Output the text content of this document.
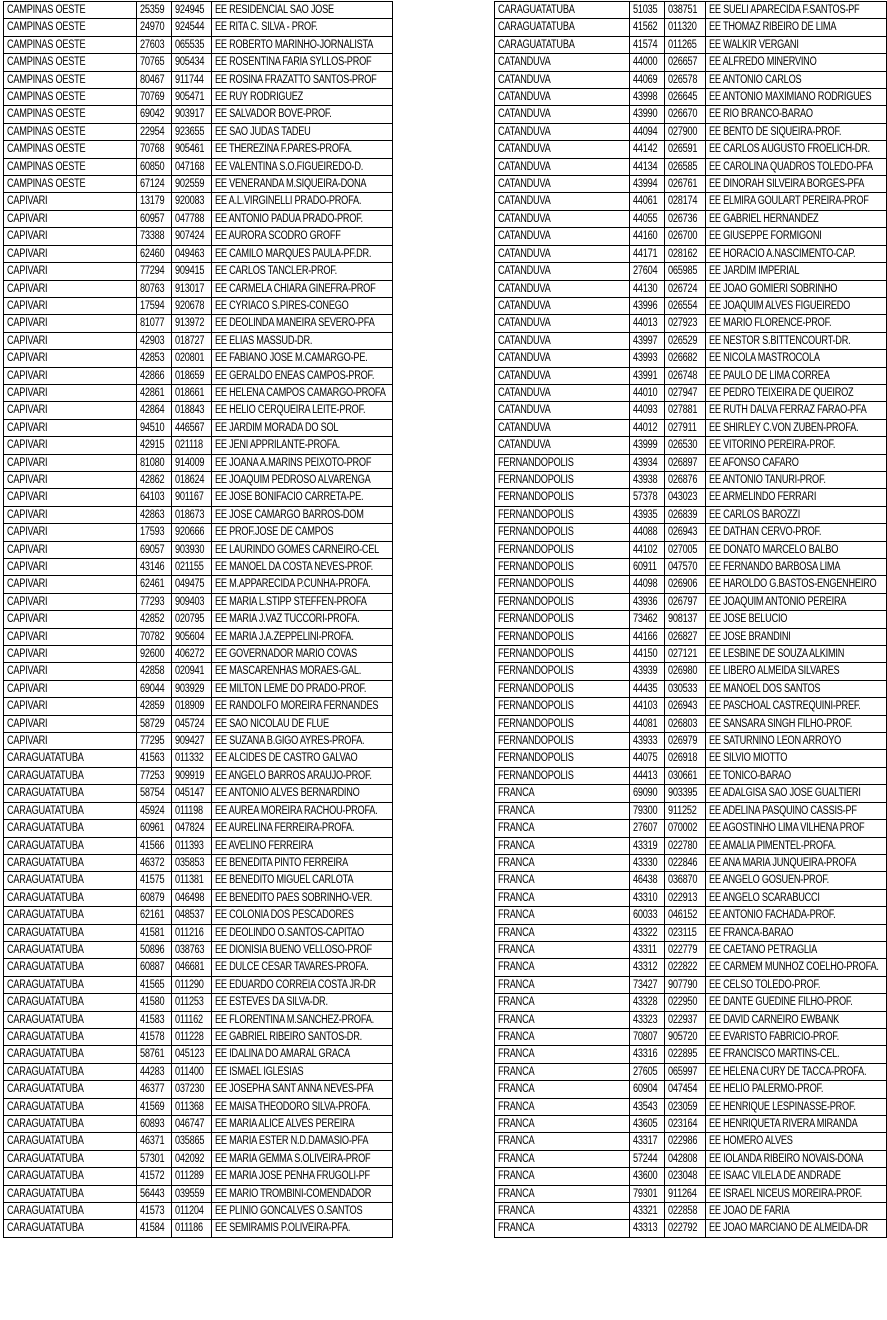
CAMPINAS OESTE	25359	924945	EE RESIDENCIAL SAO JOSE
CAMPINAS OESTE	24970	924544	EE RITA C. SILVA - PROF.
CAMPINAS OESTE	27603	065535	EE ROBERTO MARINHO-JORNALISTA
CAMPINAS OESTE	70765	905434	EE ROSENTINA FARIA SYLLOS-PROF
CAMPINAS OESTE	80467	911744	EE ROSINA FRAZATTO SANTOS-PROF
CAMPINAS OESTE	70769	905471	EE RUY RODRIGUEZ
CAMPINAS OESTE	69042	903917	EE SALVADOR BOVE-PROF.
CAMPINAS OESTE	22954	923655	EE SAO JUDAS TADEU
CAMPINAS OESTE	70768	905461	EE THEREZINA F.PARES-PROFA.
CAMPINAS OESTE	60850	047168	EE VALENTINA S.O.FIGUEIREDO-D.
CAMPINAS OESTE	67124	902559	EE VENERANDA M.SIQUEIRA-DONA
CAPIVARI	13179	920083	EE A.L.VIRGINELLI PRADO-PROFA.
CAPIVARI	60957	047788	EE ANTONIO PADUA PRADO-PROF.
CAPIVARI	73388	907424	EE AURORA SCODRO GROFF
CAPIVARI	62460	049463	EE CAMILO MARQUES PAULA-PF.DR.
CAPIVARI	77294	909415	EE CARLOS TANCLER-PROF.
CAPIVARI	80763	913017	EE CARMELA CHIARA GINEFRA-PROF
CAPIVARI	17594	920678	EE CYRIACO S.PIRES-CONEGO
CAPIVARI	81077	913972	EE DEOLINDA MANEIRA SEVERO-PFA
CAPIVARI	42903	018727	EE ELIAS MASSUD-DR.
CAPIVARI	42853	020801	EE FABIANO JOSE M.CAMARGO-PE.
CAPIVARI	42866	018659	EE GERALDO ENEAS CAMPOS-PROF.
CAPIVARI	42861	018661	EE HELENA CAMPOS CAMARGO-PROFA
CAPIVARI	42864	018843	EE HELIO CERQUEIRA LEITE-PROF.
CAPIVARI	94510	446567	EE JARDIM MORADA DO SOL
CAPIVARI	42915	021118	EE JENI APPRILANTE-PROFA.
CAPIVARI	81080	914009	EE JOANA A.MARINS PEIXOTO-PROF
CAPIVARI	42862	018624	EE JOAQUIM PEDROSO ALVARENGA
CAPIVARI	64103	901167	EE JOSE BONIFACIO CARRETA-PE.
CAPIVARI	42863	018673	EE JOSE CAMARGO BARROS-DOM
CAPIVARI	17593	920666	EE PROF.JOSE DE CAMPOS
CAPIVARI	69057	903930	EE LAURINDO GOMES CARNEIRO-CEL
CAPIVARI	43146	021155	EE MANOEL DA COSTA NEVES-PROF.
CAPIVARI	62461	049475	EE M.APPARECIDA P.CUNHA-PROFA.
CAPIVARI	77293	909403	EE MARIA L.STIPP STEFFEN-PROFA
CAPIVARI	42852	020795	EE MARIA J.VAZ TUCCORI-PROFA.
CAPIVARI	70782	905604	EE MARIA J.A.ZEPPELINI-PROFA.
CAPIVARI	92600	406272	EE GOVERNADOR MARIO COVAS
CAPIVARI	42858	020941	EE MASCARENHAS MORAES-GAL.
CAPIVARI	69044	903929	EE MILTON LEME DO PRADO-PROF.
CAPIVARI	42859	018909	EE RANDOLFO MOREIRA FERNANDES
CAPIVARI	58729	045724	EE SAO NICOLAU DE FLUE
CAPIVARI	77295	909427	EE SUZANA B.GIGO AYRES-PROFA.
CARAGUATATUBA	41563	011332	EE ALCIDES DE CASTRO GALVAO
CARAGUATATUBA	77253	909919	EE ANGELO BARROS ARAUJO-PROF.
CARAGUATATUBA	58754	045147	EE ANTONIO ALVES BERNARDINO
CARAGUATATUBA	45924	011198	EE AUREA MOREIRA RACHOU-PROFA.
CARAGUATATUBA	60961	047824	EE AURELINA FERREIRA-PROFA.
CARAGUATATUBA	41566	011393	EE AVELINO FERREIRA
CARAGUATATUBA	46372	035853	EE BENEDITA PINTO FERREIRA
CARAGUATATUBA	41575	011381	EE BENEDITO MIGUEL CARLOTA
CARAGUATATUBA	60879	046498	EE BENEDITO PAES SOBRINHO-VER.
CARAGUATATUBA	62161	048537	EE COLONIA DOS PESCADORES
CARAGUATATUBA	41581	011216	EE DEOLINDO O.SANTOS-CAPITAO
CARAGUATATUBA	50896	038763	EE DIONISIA BUENO VELLOSO-PROF
CARAGUATATUBA	60887	046681	EE DULCE CESAR TAVARES-PROFA.
CARAGUATATUBA	41565	011290	EE EDUARDO CORREIA COSTA JR-DR
CARAGUATATUBA	41580	011253	EE ESTEVES DA SILVA-DR.
CARAGUATATUBA	41583	011162	EE FLORENTINA M.SANCHEZ-PROFA.
CARAGUATATUBA	41578	011228	EE GABRIEL RIBEIRO SANTOS-DR.
CARAGUATATUBA	58761	045123	EE IDALINA DO AMARAL GRACA
CARAGUATATUBA	44283	011400	EE ISMAEL IGLESIAS
CARAGUATATUBA	46377	037230	EE JOSEPHA SANT ANNA NEVES-PFA
CARAGUATATUBA	41569	011368	EE MAISA THEODORO SILVA-PROFA.
CARAGUATATUBA	60893	046747	EE MARIA ALICE ALVES PEREIRA
CARAGUATATUBA	46371	035865	EE MARIA ESTER N.D.DAMASIO-PFA
CARAGUATATUBA	57301	042092	EE MARIA GEMMA S.OLIVEIRA-PROF
CARAGUATATUBA	41572	011289	EE MARIA JOSE PENHA FRUGOLI-PF
CARAGUATATUBA	56443	039559	EE MARIO TROMBINI-COMENDADOR
CARAGUATATUBA	41573	011204	EE PLINIO GONCALVES O.SANTOS
CARAGUATATUBA	41584	011186	EE SEMIRAMIS P.OLIVEIRA-PFA.
CARAGUATATUBA	51035	038751	EE SUELI APARECIDA F.SANTOS-PF
CARAGUATATUBA	41562	011320	EE THOMAZ RIBEIRO DE LIMA
CARAGUATATUBA	41574	011265	EE WALKIR VERGANI
CATANDUVA	44000	026657	EE ALFREDO MINERVINO
CATANDUVA	44069	026578	EE ANTONIO CARLOS
CATANDUVA	43998	026645	EE ANTONIO MAXIMIANO RODRIGUES
CATANDUVA	43990	026670	EE RIO BRANCO-BARAO
CATANDUVA	44094	027900	EE BENTO DE SIQUEIRA-PROF.
CATANDUVA	44142	026591	EE CARLOS AUGUSTO FROELICH-DR.
CATANDUVA	44134	026585	EE CAROLINA QUADROS TOLEDO-PFA
CATANDUVA	43994	026761	EE DINORAH SILVEIRA BORGES-PFA
CATANDUVA	44061	028174	EE ELMIRA GOULART PEREIRA-PROF
CATANDUVA	44055	026736	EE GABRIEL HERNANDEZ
CATANDUVA	44160	026700	EE GIUSEPPE FORMIGONI
CATANDUVA	44171	028162	EE HORACIO A.NASCIMENTO-CAP.
CATANDUVA	27604	065985	EE JARDIM IMPERIAL
CATANDUVA	44130	026724	EE JOAO GOMIERI SOBRINHO
CATANDUVA	43996	026554	EE JOAQUIM ALVES FIGUEIREDO
CATANDUVA	44013	027923	EE MARIO FLORENCE-PROF.
CATANDUVA	43997	026529	EE NESTOR S.BITTENCOURT-DR.
CATANDUVA	43993	026682	EE NICOLA MASTROCOLA
CATANDUVA	43991	026748	EE PAULO DE LIMA CORREA
CATANDUVA	44010	027947	EE PEDRO TEIXEIRA DE QUEIROZ
CATANDUVA	44093	027881	EE RUTH DALVA FERRAZ FARAO-PFA
CATANDUVA	44012	027911	EE SHIRLEY C.VON ZUBEN-PROFA.
CATANDUVA	43999	026530	EE VITORINO PEREIRA-PROF.
FERNANDOPOLIS	43934	026897	EE AFONSO CAFARO
FERNANDOPOLIS	43938	026876	EE ANTONIO TANURI-PROF.
FERNANDOPOLIS	57378	043023	EE ARMELINDO FERRARI
FERNANDOPOLIS	43935	026839	EE CARLOS BAROZZI
FERNANDOPOLIS	44088	026943	EE DATHAN CERVO-PROF.
FERNANDOPOLIS	44102	027005	EE DONATO MARCELO BALBO
FERNANDOPOLIS	60911	047570	EE FERNANDO BARBOSA LIMA
FERNANDOPOLIS	44098	026906	EE HAROLDO G.BASTOS-ENGENHEIRO
FERNANDOPOLIS	43936	026797	EE JOAQUIM ANTONIO PEREIRA
FERNANDOPOLIS	73462	908137	EE JOSE BELUCIO
FERNANDOPOLIS	44166	026827	EE JOSE BRANDINI
FERNANDOPOLIS	44150	027121	EE LESBINE DE SOUZA ALKIMIN
FERNANDOPOLIS	43939	026980	EE LIBERO ALMEIDA SILVARES
FERNANDOPOLIS	44435	030533	EE MANOEL DOS SANTOS
FERNANDOPOLIS	44103	026943	EE PASCHOAL CASTREQUINI-PREF.
FERNANDOPOLIS	44081	026803	EE SANSARA SINGH FILHO-PROF.
FERNANDOPOLIS	43933	026979	EE SATURNINO LEON ARROYO
FERNANDOPOLIS	44075	026918	EE SILVIO MIOTTO
FERNANDOPOLIS	44413	030661	EE TONICO-BARAO
FRANCA	69090	903395	EE ADALGISA SAO JOSE GUALTIERI
FRANCA	79300	911252	EE ADELINA PASQUINO CASSIS-PF
FRANCA	27607	070002	EE AGOSTINHO LIMA VILHENA PROF
FRANCA	43319	022780	EE AMALIA PIMENTEL-PROFA.
FRANCA	43330	022846	EE ANA MARIA JUNQUEIRA-PROFA
FRANCA	46438	036870	EE ANGELO GOSUEN-PROF.
FRANCA	43310	022913	EE ANGELO SCARABUCCI
FRANCA	60033	046152	EE ANTONIO FACHADA-PROF.
FRANCA	43322	023115	EE FRANCA-BARAO
FRANCA	43311	022779	EE CAETANO PETRAGLIA
FRANCA	43312	022822	EE CARMEM MUNHOZ COELHO-PROFA.
FRANCA	73427	907790	EE CELSO TOLEDO-PROF.
FRANCA	43328	022950	EE DANTE GUEDINE FILHO-PROF.
FRANCA	43323	022937	EE DAVID CARNEIRO EWBANK
FRANCA	70807	905720	EE EVARISTO FABRICIO-PROF.
FRANCA	43316	022895	EE FRANCISCO MARTINS-CEL.
FRANCA	27605	065997	EE HELENA CURY DE TACCA-PROFA.
FRANCA	60904	047454	EE HELIO PALERMO-PROF.
FRANCA	43543	023059	EE HENRIQUE LESPINASSE-PROF.
FRANCA	43605	023164	EE HENRIQUETA RIVERA MIRANDA
FRANCA	43317	022986	EE HOMERO ALVES
FRANCA	57244	042808	EE IOLANDA RIBEIRO NOVAIS-DONA
FRANCA	43600	023048	EE ISAAC VILELA DE ANDRADE
FRANCA	79301	911264	EE ISRAEL NICEUS MOREIRA-PROF.
FRANCA	43321	022858	EE JOAO DE FARIA
FRANCA	43313	022792	EE JOAO MARCIANO DE ALMEIDA-DR
